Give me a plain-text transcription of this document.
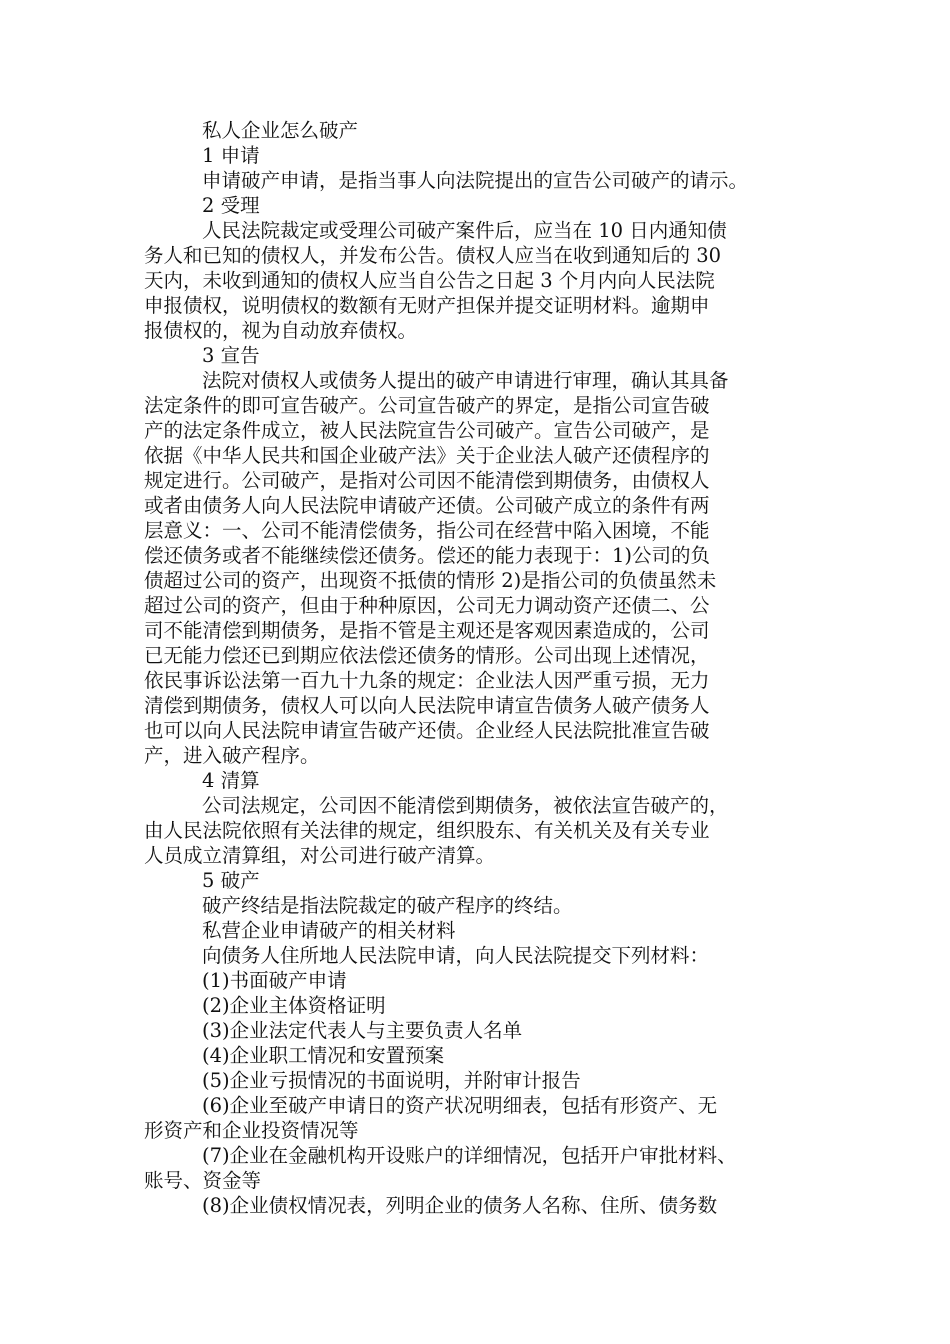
私人企业怎么破产
1 申请
申请破产申请，是指当事人向法院提出的宣告公司破产的请示。
2 受理
人民法院裁定或受理公司破产案件后，应当在 10 日内通知债
务人和已知的债权人，并发布公告。债权人应当在收到通知后的 30
天内，未收到通知的债权人应当自公告之日起 3 个月内向人民法院
申报债权，说明债权的数额有无财产担保并提交证明材料。逾期申
报债权的，视为自动放弃债权。
3 宣告
法院对债权人或债务人提出的破产申请进行审理，确认其具备
法定条件的即可宣告破产。公司宣告破产的界定，是指公司宣告破
产的法定条件成立，被人民法院宣告公司破产。宣告公司破产，是
依据《中华人民共和国企业破产法》关于企业法人破产还债程序的
规定进行。公司破产，是指对公司因不能清偿到期债务，由债权人
或者由债务人向人民法院申请破产还债。公司破产成立的条件有两
层意义：一、公司不能清偿债务，指公司在经营中陷入困境，不能
偿还债务或者不能继续偿还债务。偿还的能力表现于：1)公司的负
债超过公司的资产，出现资不抵债的情形 2)是指公司的负债虽然未
超过公司的资产，但由于种种原因，公司无力调动资产还债二、公
司不能清偿到期债务，是指不管是主观还是客观因素造成的，公司
已无能力偿还已到期应依法偿还债务的情形。公司出现上述情况，
依民事诉讼法第一百九十九条的规定：企业法人因严重亏损，无力
清偿到期债务，债权人可以向人民法院申请宣告债务人破产债务人
也可以向人民法院申请宣告破产还债。企业经人民法院批准宣告破
产，进入破产程序。
4 清算
公司法规定，公司因不能清偿到期债务，被依法宣告破产的，
由人民法院依照有关法律的规定，组织股东、有关机关及有关专业
人员成立清算组，对公司进行破产清算。
5 破产
破产终结是指法院裁定的破产程序的终结。
私营企业申请破产的相关材料
向债务人住所地人民法院申请，向人民法院提交下列材料：
(1)书面破产申请
(2)企业主体资格证明
(3)企业法定代表人与主要负责人名单
(4)企业职工情况和安置预案
(5)企业亏损情况的书面说明，并附审计报告
(6)企业至破产申请日的资产状况明细表，包括有形资产、无
形资产和企业投资情况等
(7)企业在金融机构开设账户的详细情况，包括开户审批材料、
账号、资金等
(8)企业债权情况表，列明企业的债务人名称、住所、债务数
